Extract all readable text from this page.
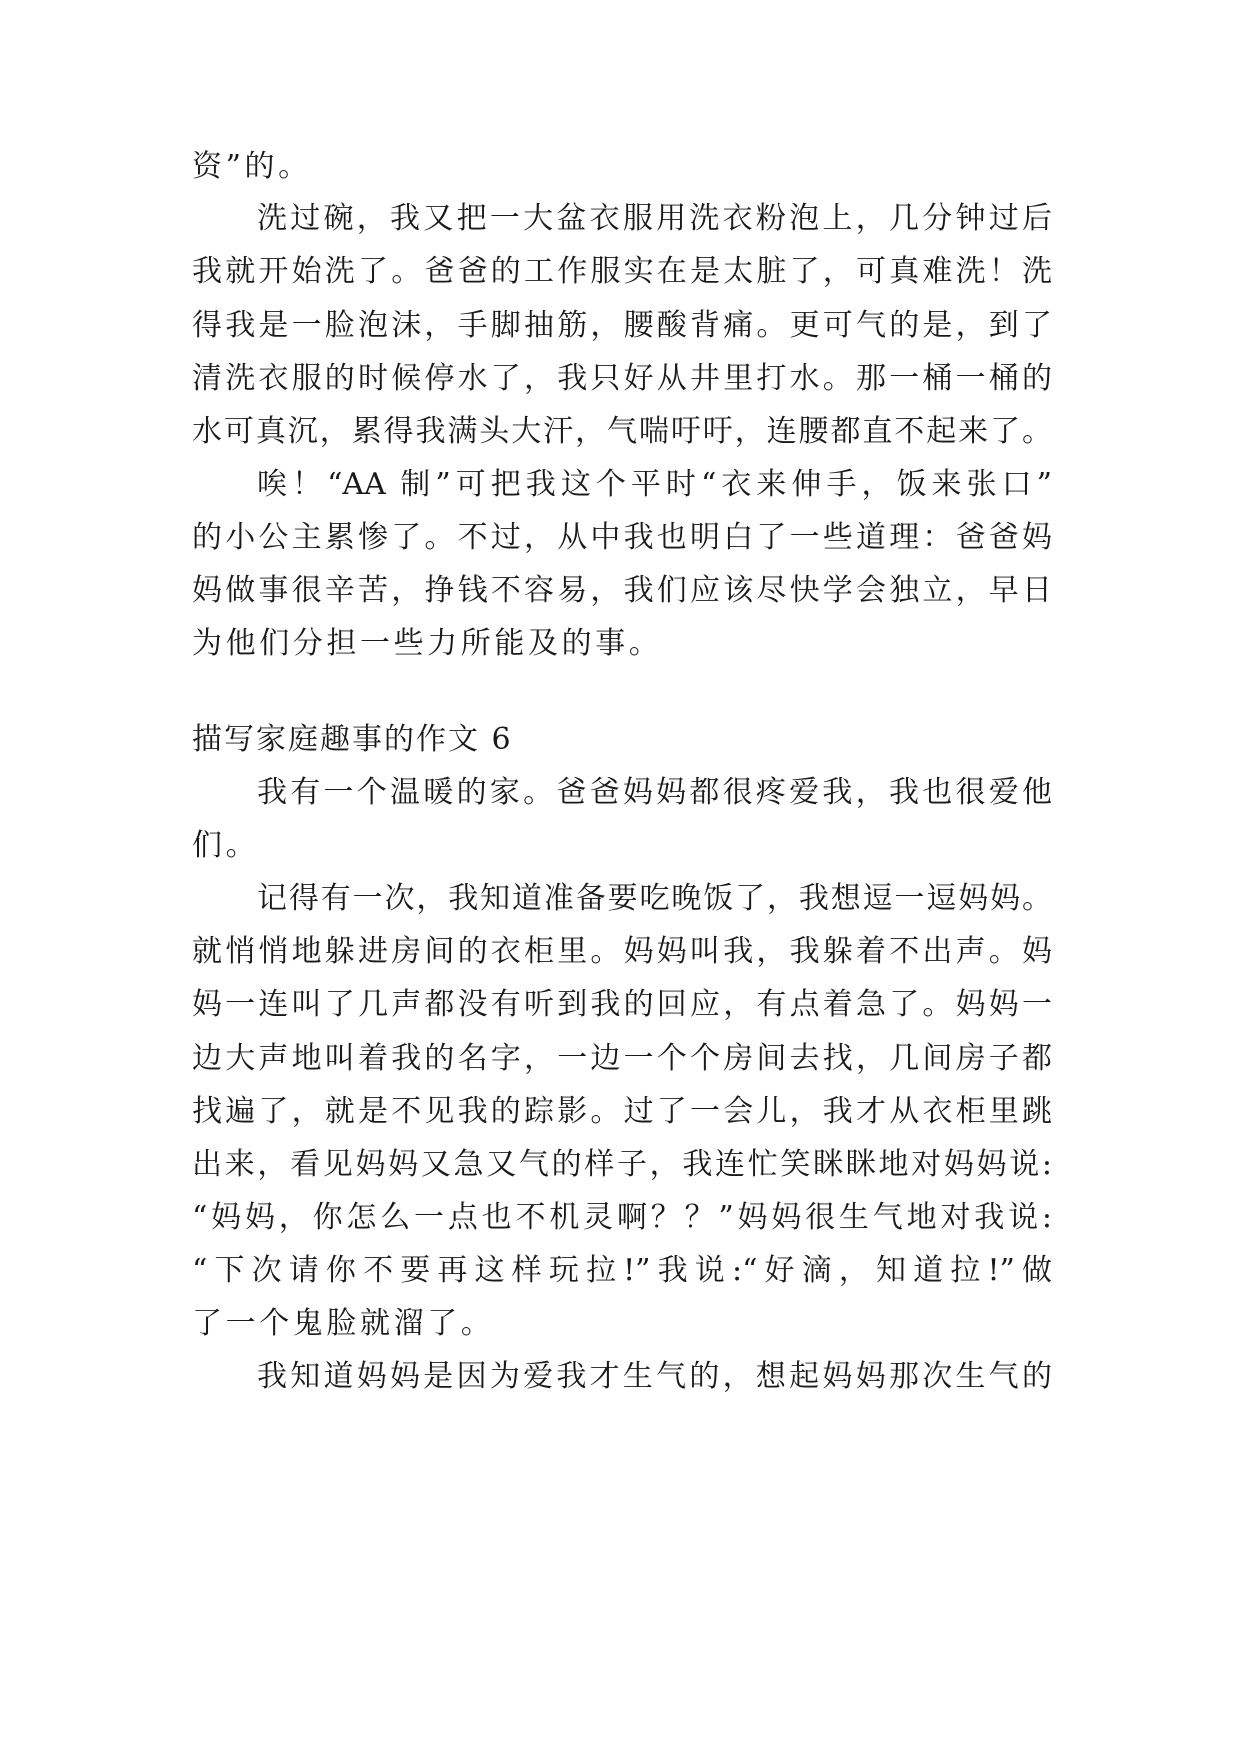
资”的。
洗过碗，我又把一大盆衣服用洗衣粉泡上，几分钟过后
我就开始洗了。爸爸的工作服实在是太脏了，可真难洗！洗
得我是一脸泡沫，手脚抽筋，腰酸背痛。更可气的是，到了
清洗衣服的时候停水了，我只好从井里打水。那一桶一桶的
水可真沉，累得我满头大汗，气喘吁吁，连腰都直不起来了。
唉！“AA 制”可把我这个平时“衣来伸手，饭来张口”
的小公主累惨了。不过，从中我也明白了一些道理：爸爸妈
妈做事很辛苦，挣钱不容易，我们应该尽快学会独立，早日
为他们分担一些力所能及的事。
描写家庭趣事的作文 6
我有一个温暖的家。爸爸妈妈都很疼爱我，我也很爱他
们。
记得有一次，我知道准备要吃晚饭了，我想逗一逗妈妈。
就悄悄地躲进房间的衣柜里。妈妈叫我，我躲着不出声。妈
妈一连叫了几声都没有听到我的回应，有点着急了。妈妈一
边大声地叫着我的名字，一边一个个房间去找，几间房子都
找遍了，就是不见我的踪影。过了一会儿，我才从衣柜里跳
出来，看见妈妈又急又气的样子，我连忙笑眯眯地对妈妈说:
“妈妈，你怎么一点也不机灵啊？？”妈妈很生气地对我说:
“下次请你不要再这样玩拉!”我说:“好滴，知道拉!”做
了一个鬼脸就溜了。
我知道妈妈是因为爱我才生气的，想起妈妈那次生气的
